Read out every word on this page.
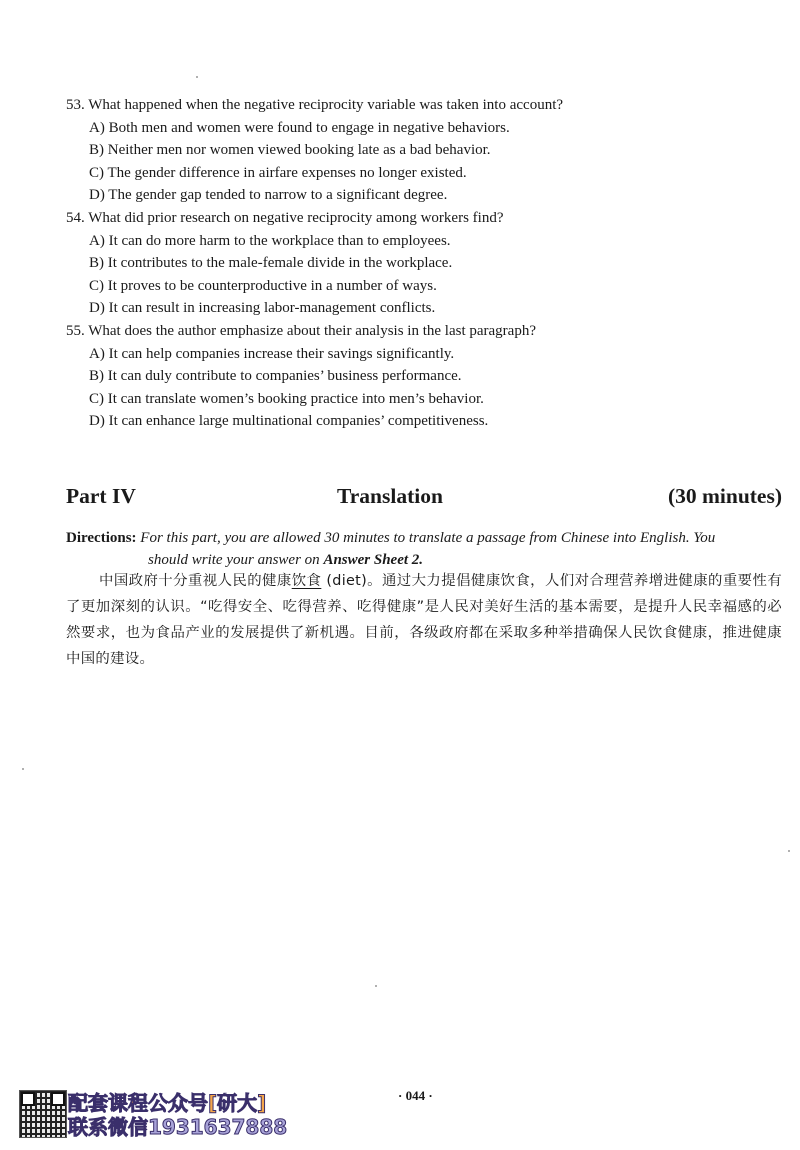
53. What happened when the negative reciprocity variable was taken into account?
A) Both men and women were found to engage in negative behaviors.
B) Neither men nor women viewed booking late as a bad behavior.
C) The gender difference in airfare expenses no longer existed.
D) The gender gap tended to narrow to a significant degree.
54. What did prior research on negative reciprocity among workers find?
A) It can do more harm to the workplace than to employees.
B) It contributes to the male-female divide in the workplace.
C) It proves to be counterproductive in a number of ways.
D) It can result in increasing labor-management conflicts.
55. What does the author emphasize about their analysis in the last paragraph?
A) It can help companies increase their savings significantly.
B) It can duly contribute to companies’ business performance.
C) It can translate women’s booking practice into men’s behavior.
D) It can enhance large multinational companies’ competitiveness.
Part IV	Translation	(30 minutes)
Directions: For this part, you are allowed 30 minutes to translate a passage from Chinese into English. You
should write your answer on Answer Sheet 2.
中国政府十分重视人民的健康饮食 (diet)。通过大力提倡健康饮食，人们对合理营养增进健康的重要性有了更加深刻的认识。“吃得安全、吃得营养、吃得健康”是人民对美好生活的基本需要，是提升人民幸福感的必然要求，也为食品产业的发展提供了新机遇。目前，各级政府都在采取多种举措确保人民饮食健康，推进健康中国的建设。
· 044 ·
配套课程公众号[研大]
联系微信1931637888
